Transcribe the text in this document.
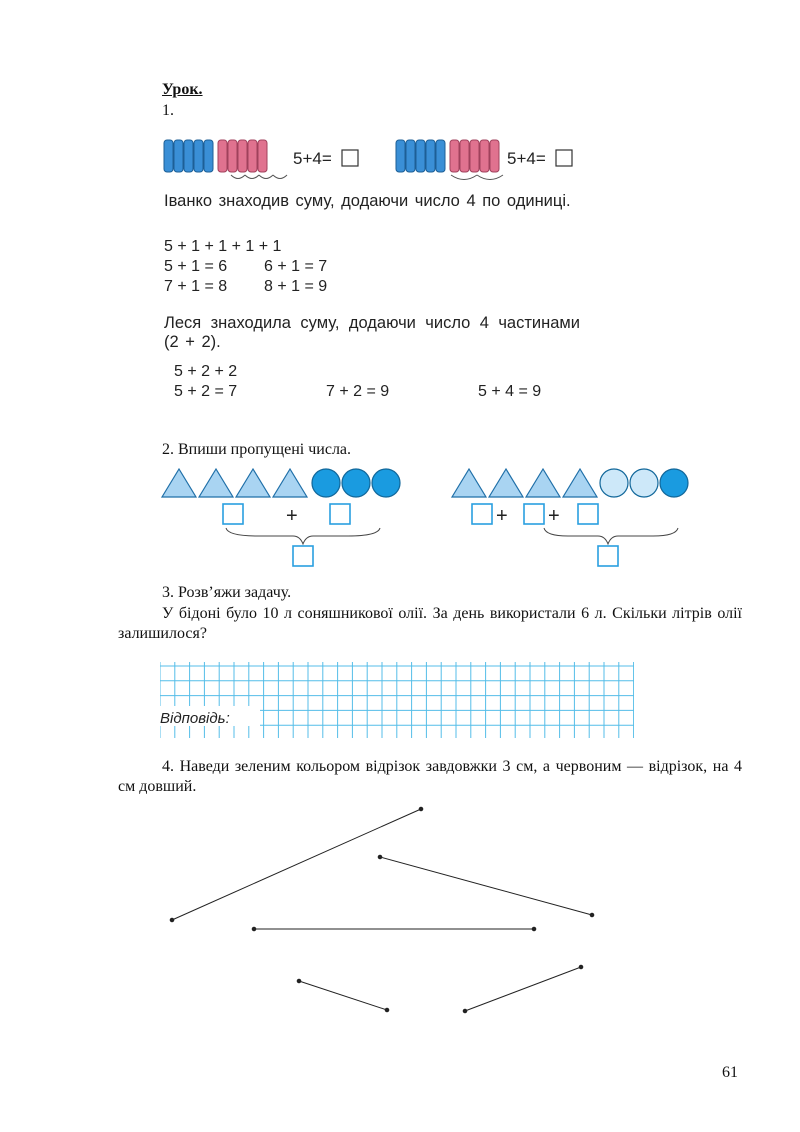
Урок.
1.
5+4=	5+4=
Іванко знаходив суму, додаючи число 4 по одиниці.
5 + 1 + 1 + 1 + 1
5 + 1 = 6 6 + 1 = 7
7 + 1 = 8 8 + 1 = 9
Леся знаходила суму, додаючи число 4 частинами (2 + 2).
5 + 2 + 2
5 + 2 = 7	7 + 2 = 9	5 + 4 = 9
2. Впиши пропущені числа.
+	+ +
3. Розв’яжи задачу.
У бідоні було 10 л соняшникової олії. За день використали 6 л. Скільки літрів олії залишилося?
Відповідь:
4. Наведи зеленим кольором відрізок завдовжки 3 см, а червоним — відрізок, на 4 см довший.
61
